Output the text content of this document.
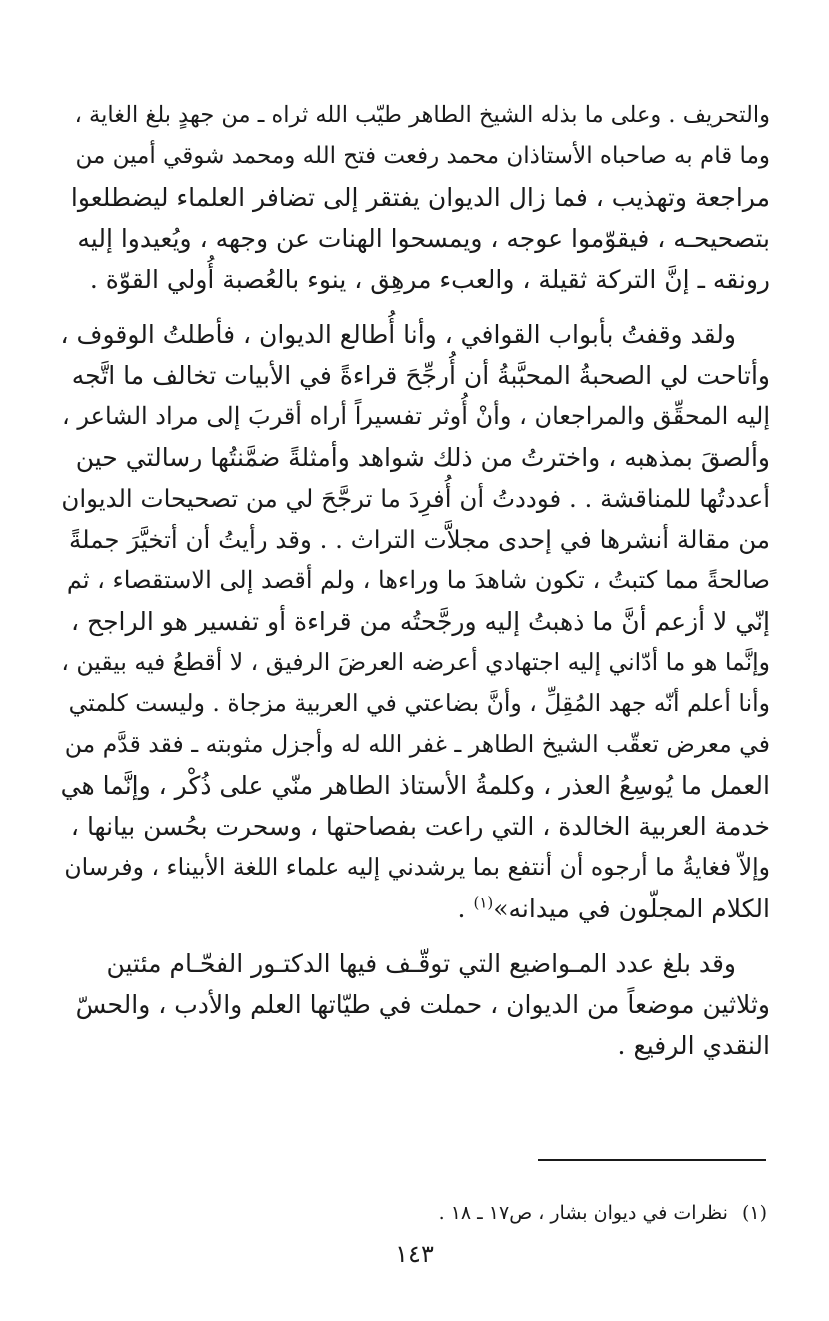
والتحريف . وعلى ما بذله الشيخ الطاهر طيّب الله ثراه ـ من جهدٍ بلغ الغاية ،

وما قام به صاحباه الأستاذان محمد رفعت فتح الله ومحمد شوقي أمين من

مراجعة وتهذيب ، فما زال الديوان يفتقر إلى تضافر العلماء ليضطلعوا

بتصحيحـه ، فيقوّموا عوجه ، ويمسحوا الهنات عن وجهه ، ويُعيدوا إليه

رونقه ـ إنَّ التركة ثقيلة ، والعبء مرهِق ، ينوء بالعُصبة أُولي القوّة .

ولقد وقفتُ بأبواب القوافي ، وأنا أُطالع الديوان ، فأطلتُ الوقوف ،

وأتاحت لي الصحبةُ المحبَّبةُ أن أُرجِّحَ قراءةً في الأبيات تخالف ما اتَّجه

إليه المحقِّق والمراجعان ، وأنْ أُوثر تفسيراً أراه أقربَ إلى مراد الشاعر ،

وألصقَ بمذهبه ، واخترتُ من ذلك شواهد وأمثلةً ضمَّنتُها رسالتي حين

أعددتُها للمناقشة . . فوددتُ أن أُفرِدَ ما ترجَّحَ لي من تصحيحات الديوان

من مقالة أنشرها في إحدى مجلاَّت التراث . . وقد رأيتُ أن أتخيَّرَ جملةً

صالحةً مما كتبتُ ، تكون شاهدَ ما وراءها ، ولم أقصد إلى الاستقصاء ، ثم

إنّي لا أزعم أنَّ ما ذهبتُ إليه ورجَّحتُه من قراءة أو تفسير هو الراجح ،

وإنَّما هو ما أدّاني إليه اجتهادي أعرضه العرضَ الرفيق ، لا أقطعُ فيه بيقين ،

وأنا أعلم أنّه جهد المُقِلِّ ، وأنَّ بضاعتي في العربية مزجاة . وليست كلمتي

في معرض تعقّب الشيخ الطاهر ـ غفر الله له وأجزل مثوبته ـ فقد قدَّم من

العمل ما يُوسِعُ العذر ، وكلمةُ الأستاذ الطاهر منّي على ذُكْر ، وإنَّما هي

خدمة العربية الخالدة ، التي راعت بفصاحتها ، وسحرت بحُسن بيانها ،

وإلاّ فغايةُ ما أرجوه أن أنتفع بما يرشدني إليه علماء اللغة الأبيناء ، وفرسان

الكلام المجلّون في ميدانه»$^{(١)}$ .

وقد بلغ عدد المـواضيع التي توقّـف فيها الدكتـور الفحّـام مئتين

وثلاثين موضعاً من الديوان ، حملت في طيّاتها العلم والأدب ، والحسّ

النقدي الرفيع .

(١)نظرات في ديوان بشار ، ص١٧ ـ ١٨ .
١٤٣
